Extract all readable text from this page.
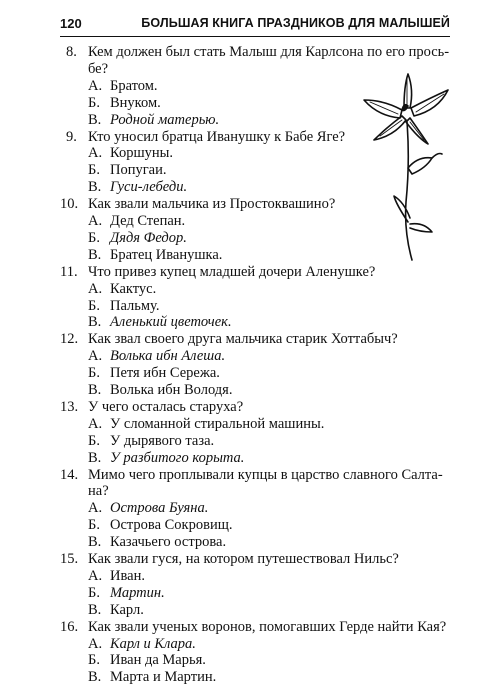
120	БОЛЬШАЯ КНИГА ПРАЗДНИКОВ ДЛЯ МАЛЫШЕЙ
8. Кем должен был стать Малыш для Карлсона по его прось-
бе?
А. Братом.
Б. Внуком.
В. Родной матерью.
9. Кто уносил братца Иванушку к Бабе Яге?
А. Коршуны.
Б. Попугаи.
В. Гуси-лебеди.
10. Как звали мальчика из Простоквашино?
А. Дед Степан.
Б. Дядя Федор.
В. Братец Иванушка.
11. Что привез купец младшей дочери Аленушке?
А. Кактус.
Б. Пальму.
В. Аленький цветочек.
12. Как звал своего друга мальчика старик Хоттабыч?
А. Волька ибн Алеша.
Б. Петя ибн Сережа.
В. Волька ибн Володя.
13. У чего осталась старуха?
А. У сломанной стиральной машины.
Б. У дырявого таза.
В. У разбитого корыта.
14. Мимо чего проплывали купцы в царство славного Салта-
на?
А. Острова Буяна.
Б. Острова Сокровищ.
В. Казачьего острова.
15. Как звали гуся, на котором путешествовал Нильс?
А. Иван.
Б. Мартин.
В. Карл.
16. Как звали ученых воронов, помогавших Герде найти Кая?
А. Карл и Клара.
Б. Иван да Марья.
В. Марта и Мартин.
